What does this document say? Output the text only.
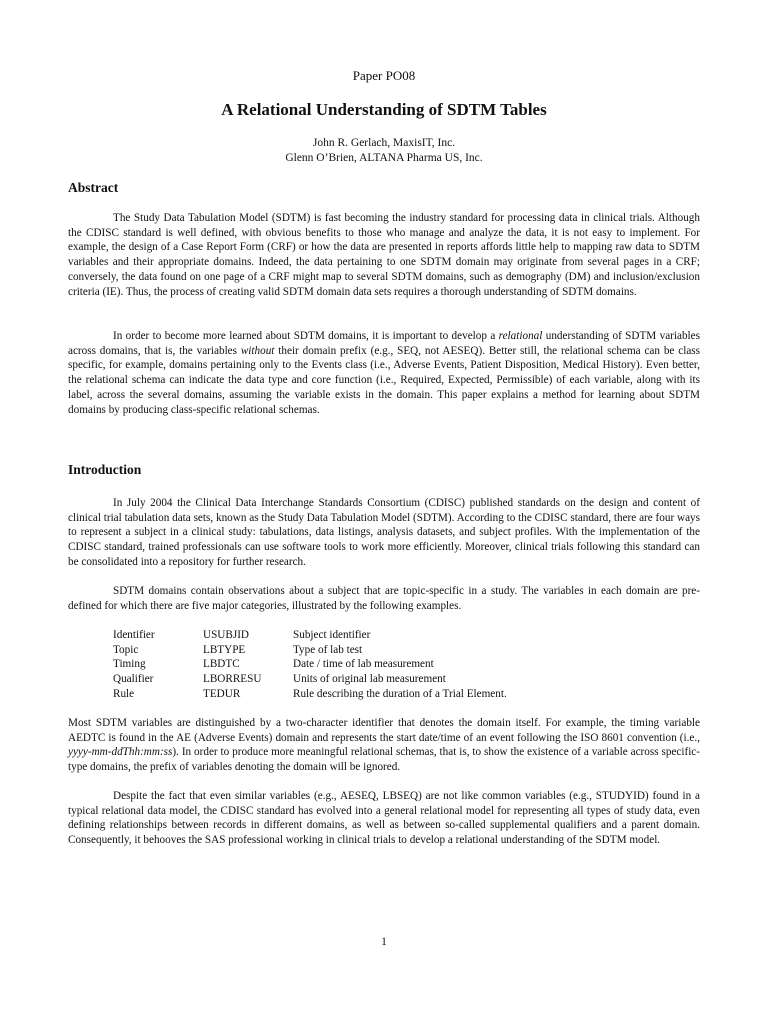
Paper PO08
A Relational Understanding of SDTM Tables
John R. Gerlach, MaxisIT, Inc.
Glenn O’Brien, ALTANA Pharma US, Inc.
Abstract

The Study Data Tabulation Model (SDTM) is fast becoming the industry standard for processing data in clinical trials. Although the CDISC standard is well defined, with obvious benefits to those who manage and analyze the data, it is not easy to implement. For example, the design of a Case Report Form (CRF) or how the data are presented in reports affords little help to mapping raw data to SDTM variables and their appropriate domains. Indeed, the data pertaining to one SDTM domain may originate from several pages in a CRF; conversely, the data found on one page of a CRF might map to several SDTM domains, such as demography (DM) and inclusion/exclusion criteria (IE). Thus, the process of creating valid SDTM domain data sets requires a thorough understanding of SDTM domains.

In order to become more learned about SDTM domains, it is important to develop a relational understanding of SDTM variables across domains, that is, the variables without their domain prefix (e.g., SEQ, not AESEQ). Better still, the relational schema can be class specific, for example, domains pertaining only to the Events class (i.e., Adverse Events, Patient Disposition, Medical History). Even better, the relational schema can indicate the data type and core function (i.e., Required, Expected, Permissible) of each variable, along with its label, across the several domains, assuming the variable exists in the domain. This paper explains a method for learning about SDTM domains by producing class-specific relational schemas.

Introduction

In July 2004 the Clinical Data Interchange Standards Consortium (CDISC) published standards on the design and content of clinical trial tabulation data sets, known as the Study Data Tabulation Model (SDTM). According to the CDISC standard, there are four ways to represent a subject in a clinical study: tabulations, data listings, analysis datasets, and subject profiles. With the implementation of the CDISC standard, trained professionals can use software tools to work more efficiently. Moreover, clinical trials following this standard can be consolidated into a repository for further research.

SDTM domains contain observations about a subject that are topic-specific in a study. The variables in each domain are pre-defined for which there are five major categories, illustrated by the following examples.

Identifier	USUBJID	Subject identifier
Topic	LBTYPE	Type of lab test
Timing	LBDTC	Date / time of lab measurement
Qualifier	LBORRESU	Units of original lab measurement
Rule	TEDUR	Rule describing the duration of a Trial Element.

Most SDTM variables are distinguished by a two-character identifier that denotes the domain itself. For example, the timing variable AEDTC is found in the AE (Adverse Events) domain and represents the start date/time of an event following the ISO 8601 convention (i.e., yyyy-mm-ddThh:mm:ss). In order to produce more meaningful relational schemas, that is, to show the existence of a variable across specific-type domains, the prefix of variables denoting the domain will be ignored.

Despite the fact that even similar variables (e.g., AESEQ, LBSEQ) are not like common variables (e.g., STUDYID) found in a typical relational data model, the CDISC standard has evolved into a general relational model for representing all types of study data, even defining relationships between records in different domains, as well as between so-called supplemental qualifiers and a parent domain. Consequently, it behooves the SAS professional working in clinical trials to develop a relational understanding of the SDTM model.

1
